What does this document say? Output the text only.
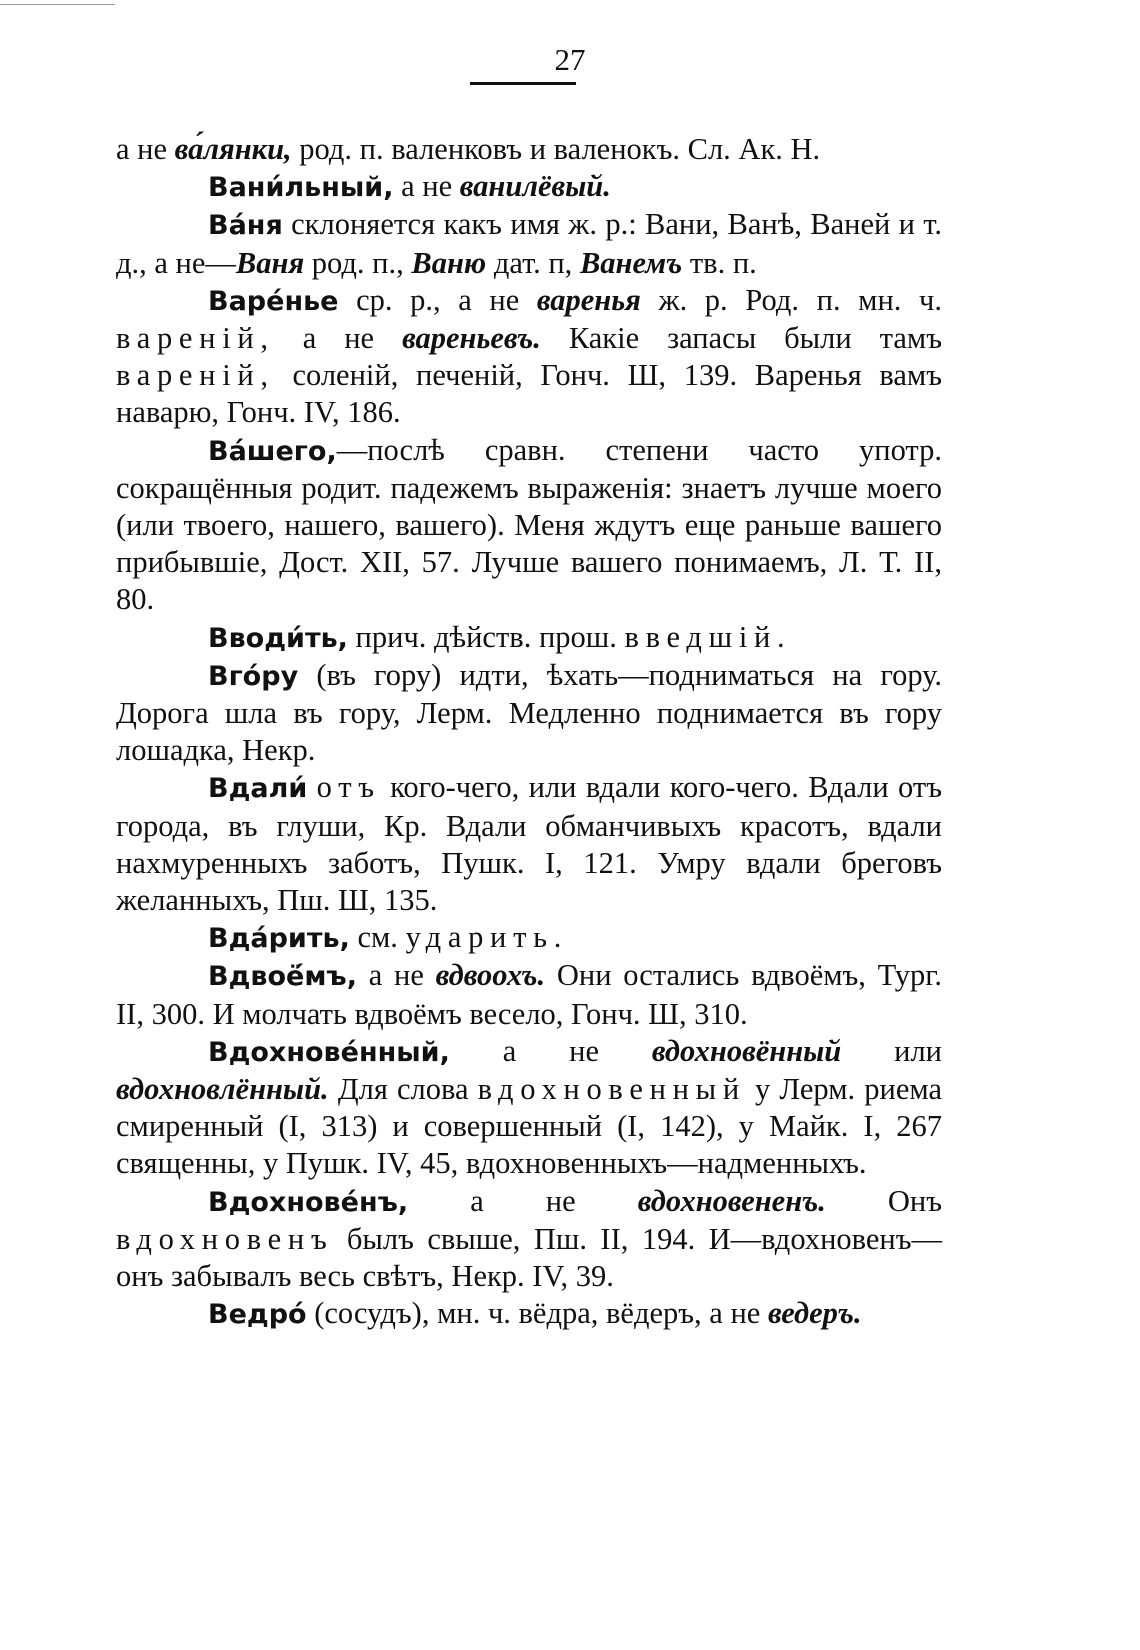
27

а не ва́лянки, род. п. валенковъ и валенокъ. Сл. Ак. Н.

Вани́льный, а не ванилёвый.

Ва́ня склоняется какъ имя ж. р.: Вани, Ванѣ, Ваней и т. д., а не—Ваня род. п., Ваню дат. п, Ванемъ тв. п.

Варе́нье ср. р., а не варенья ж. р. Род. п. мн. ч. вареній, а не вареньевъ. Какіе запасы были тамъ вареній, соленій, печеній, Гонч. Ш, 139. Варенья вамъ наварю, Гонч. IV, 186.

Ва́шего,—послѣ сравн. степени часто употр. сокращённыя родит. падежемъ выраженія: знаетъ лучше моего (или твоего, нашего, вашего). Меня ждутъ еще раньше вашего прибывшіе, Дост. XII, 57. Лучше вашего понимаемъ, Л. Т. II, 80.

Вводи́ть, прич. дѣйств. прош. введшій.

Вго́ру (въ гору) идти, ѣхать—подниматься на гору. Дорога шла въ гору, Лерм. Медленно поднимается въ гору лошадка, Некр.

Вдали́ отъ кого-чего, или вдали кого-чего. Вдали отъ города, въ глуши, Кр. Вдали обманчивыхъ красотъ, вдали нахмуренныхъ заботъ, Пушк. I, 121. Умру вдали бреговъ желанныхъ, Пш. Ш, 135.

Вда́рить, см. ударить.

Вдвоё́мъ, а не вдвоохъ. Они остались вдвоёмъ, Тург. II, 300. И молчать вдвоёмъ весело, Гонч. Ш, 310.

Вдохнове́нный, а не вдохновённый или вдохновлённый. Для слова вдохновенный у Лерм. риема смиренный (I, 313) и совершенный (I, 142), у Майк. I, 267 священны, у Пушк. IV, 45, вдохновенныхъ—надменныхъ.

Вдохнове́нъ, а не вдохновененъ. Онъ вдохновенъ былъ свыше, Пш. II, 194. И—вдохновенъ—онъ забывалъ весь свѣтъ, Некр. IV, 39.

Ведро́ (сосудъ), мн. ч. вёдра, вёдеръ, а не ведеръ.
